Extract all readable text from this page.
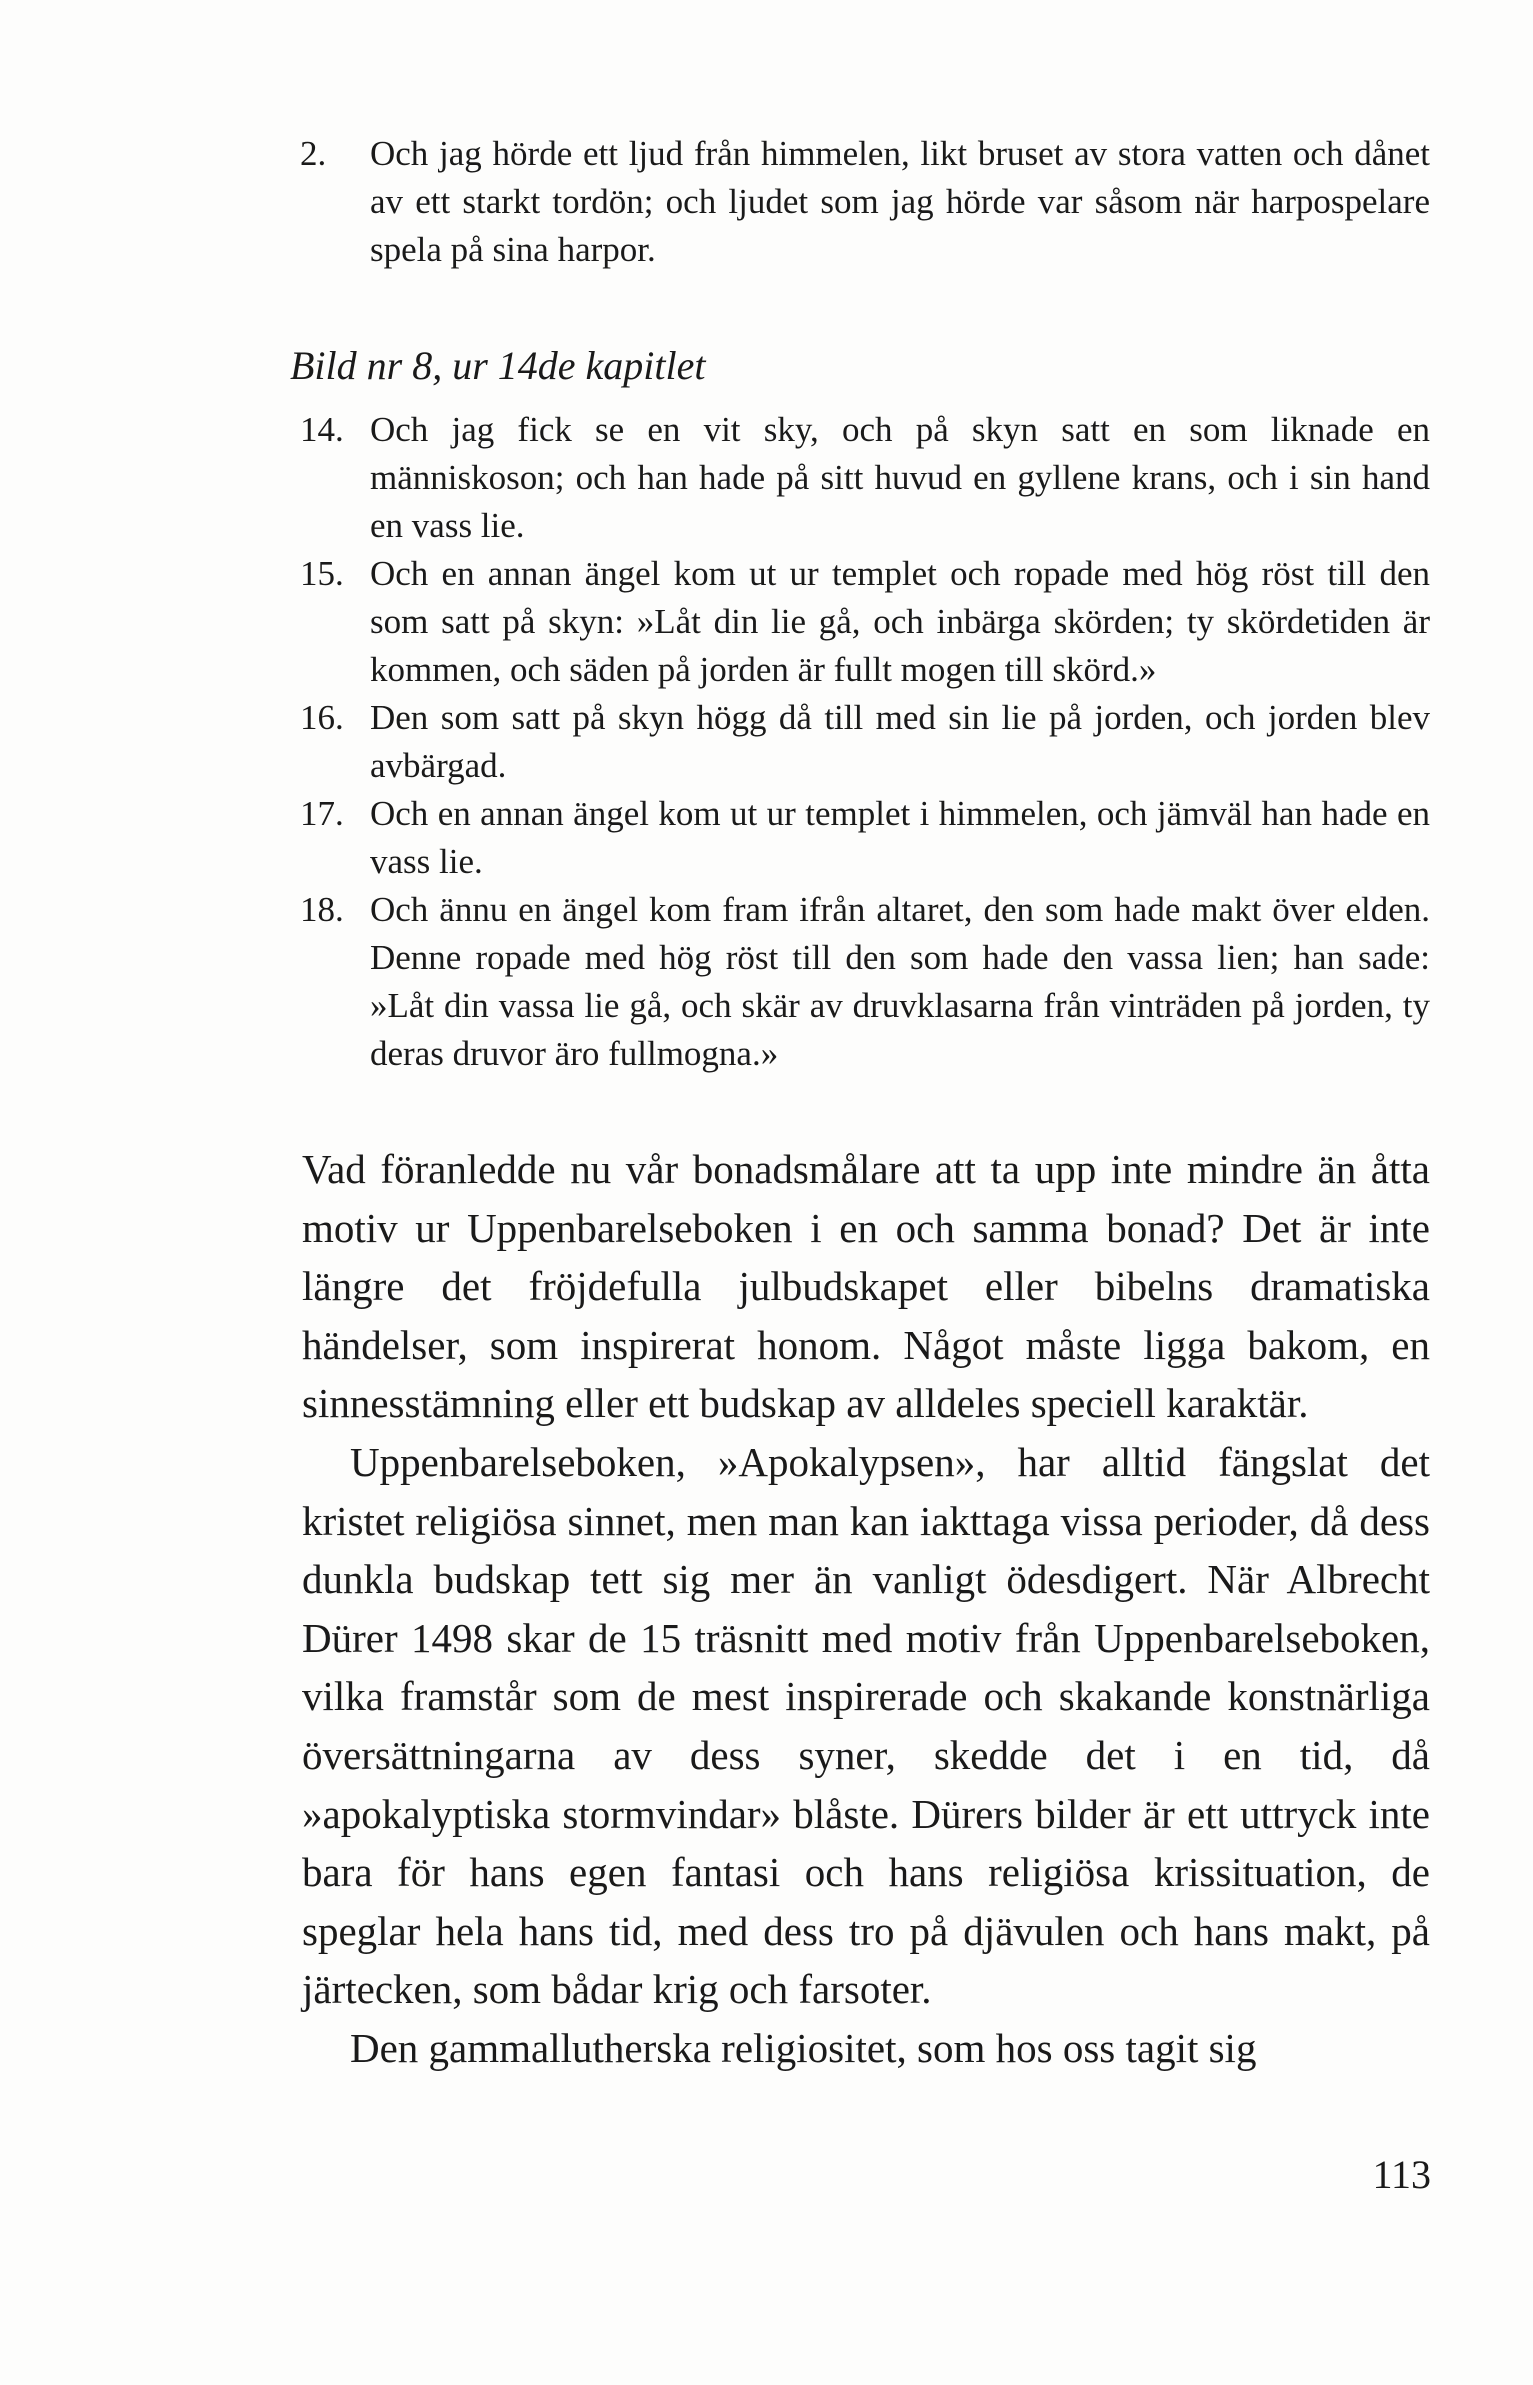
2.	Och jag hörde ett ljud från himmelen, likt bruset av stora vatten och dånet av ett starkt tordön; och ljudet som jag hörde var såsom när harpospelare spela på sina harpor.

Bild nr 8, ur 14de kapitlet

14. Och jag fick se en vit sky, och på skyn satt en som liknade en människoson; och han hade på sitt huvud en gyllene krans, och i sin hand en vass lie.

15. Och en annan ängel kom ut ur templet och ropade med hög röst till den som satt på skyn: »Låt din lie gå, och inbärga skörden; ty skördetiden är kommen, och säden på jorden är fullt mogen till skörd.»

16. Den som satt på skyn högg då till med sin lie på jorden, och jorden blev avbärgad.

17. Och en annan ängel kom ut ur templet i himmelen, och jämväl han hade en vass lie.

18. Och ännu en ängel kom fram ifrån altaret, den som hade makt över elden. Denne ropade med hög röst till den som hade den vassa lien; han sade: »Låt din vassa lie gå, och skär av druvklasarna från vinträden på jorden, ty deras druvor äro fullmogna.»

Vad föranledde nu vår bonadsmålare att ta upp inte mindre än åtta motiv ur Uppenbarelseboken i en och samma bonad? Det är inte längre det fröjdefulla julbudskapet eller bibelns dramatiska händelser, som inspirerat honom. Något måste ligga bakom, en sinnesstämning eller ett budskap av alldeles speciell karaktär.

Uppenbarelseboken, »Apokalypsen», har alltid fängslat det kristet religiösa sinnet, men man kan iakttaga vissa perioder, då dess dunkla budskap tett sig mer än vanligt ödesdigert. När Albrecht Dürer 1498 skar de 15 träsnitt med motiv från Uppenbarelseboken, vilka framstår som de mest inspirerade och skakande konstnärliga översättningarna av dess syner, skedde det i en tid, då »apokalyptiska stormvindar» blåste. Dürers bilder är ett uttryck inte bara för hans egen fantasi och hans religiösa krissituation, de speglar hela hans tid, med dess tro på djävulen och hans makt, på järtecken, som bådar krig och farsoter.

Den gammallutherska religiositet, som hos oss tagit sig

113
